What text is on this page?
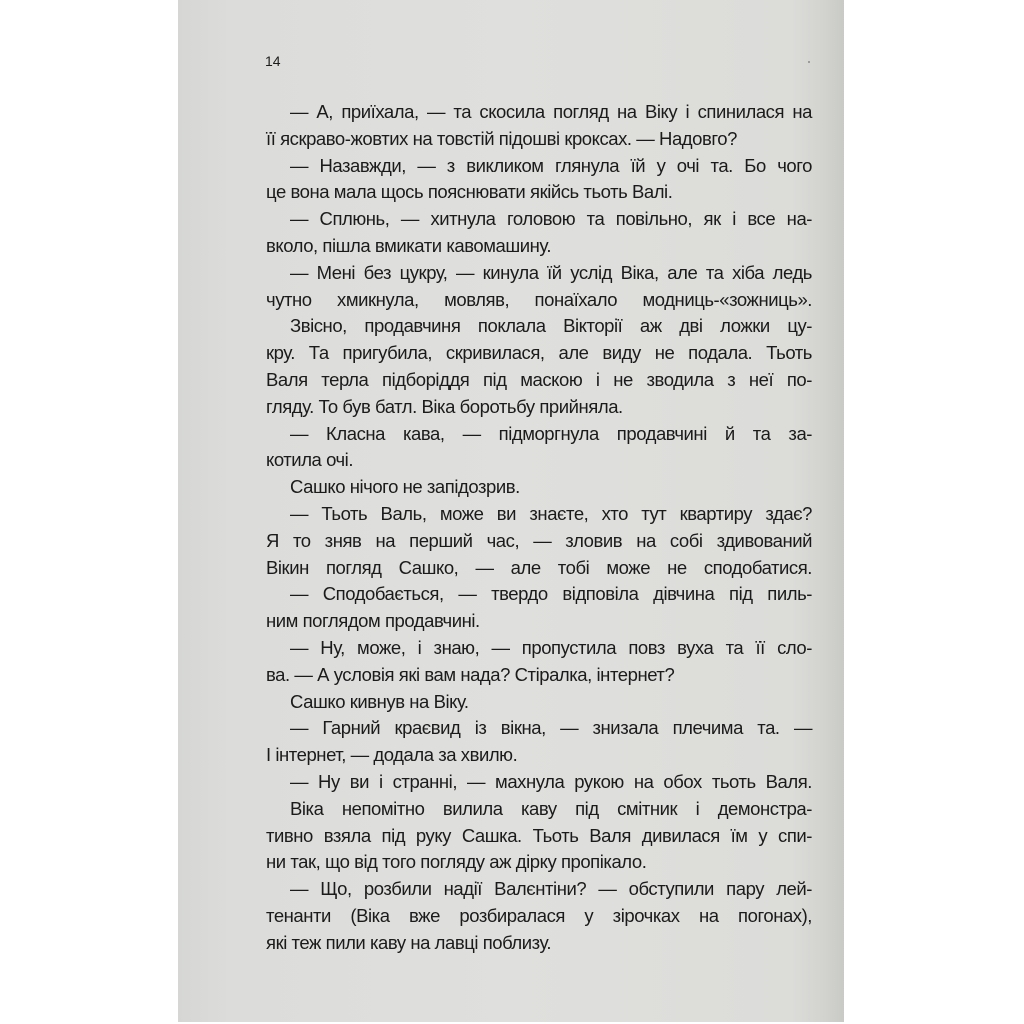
14
— А, приїхала, — та скосила погляд на Віку і спинилася на
її яскраво-жовтих на товстій підошві кроксах. — Надовго?
— Назавжди, — з викликом глянула їй у очі та. Бо чого
це вона мала щось пояснювати якійсь тьоть Валі.
— Сплюнь, — хитнула головою та повільно, як і все на-
вколо, пішла вмикати кавомашину.
— Мені без цукру, — кинула їй услід Віка, але та хіба ледь
чутно хмикнула, мовляв, понаїхало модниць-«зожниць».
Звісно, продавчиня поклала Вікторії аж дві ложки цу-
кру. Та пригубила, скривилася, але виду не подала. Тьоть
Валя терла підборіддя під маскою і не зводила з неї по-
гляду. То був батл. Віка боротьбу прийняла.
— Класна кава, — підморгнула продавчині й та за-
котила очі.
Сашко нічого не запідозрив.
— Тьоть Валь, може ви знаєте, хто тут квартиру здає?
Я то зняв на перший час, — зловив на собі здивований
Вікин погляд Сашко, — але тобі може не сподобатися.
— Сподобається, — твердо відповіла дівчина під пиль-
ним поглядом продавчині.
— Ну, може, і знаю, — пропустила повз вуха та її сло-
ва. — А условія які вам нада? Стіралка, інтернет?
Сашко кивнув на Віку.
— Гарний краєвид із вікна, — знизала плечима та. —
І інтернет, — додала за хвилю.
— Ну ви і странні, — махнула рукою на обох тьоть Валя.
Віка непомітно вилила каву під смітник і демонстра-
тивно взяла під руку Сашка. Тьоть Валя дивилася їм у спи-
ни так, що від того погляду аж дірку пропікало.
— Що, розбили надії Валєнтіни? — обступили пару лей-
тенанти (Віка вже розбиралася у зірочках на погонах),
які теж пили каву на лавці поблизу.
